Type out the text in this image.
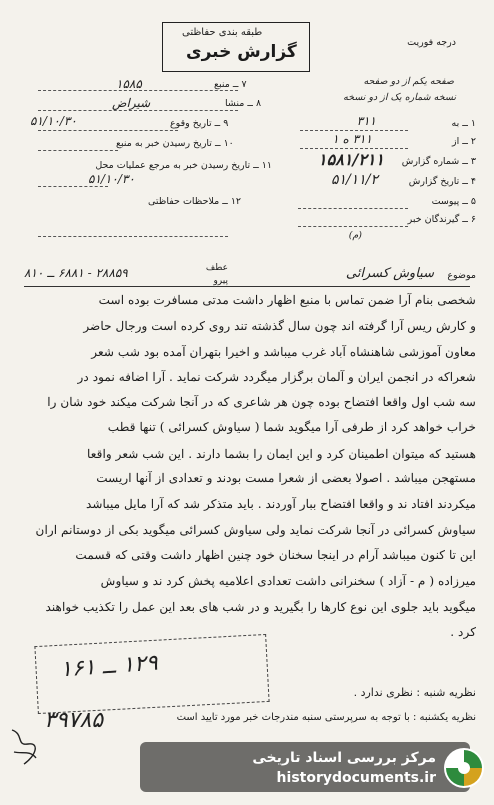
طبقه بندی حفاظتی
گزارش خبری	درجه فوریت
صفحه یکم از دو صفحه
نسخه شماره یک از دو نسخه
۷ ــ منبع
۱۵۸۵
۸ ــ منشا
شیراض
۹ ــ تاریخ وقوع
۵۱/۱۰/۳۰
۱۰ ــ تاریخ رسیدن خبر به منبع
۱۱ ــ تاریخ رسیدن خبر به مرجع عملیات محل
۵۱/۱۰/۳۰
۱۲ ــ ملاحظات حفاظتی
۱ ــ به
۳۱۱
۲ ــ از
۳۱۱ ه ۱
۳ ــ شماره گزارش
۱۵۸۱/۲۱۱
۴ ــ تاریخ گزارش
۵۱/۱۱/۲
۵ ــ پیوست
۶ ــ گیرندگان خبر
(م)
موضوع
سیاوش کسرائی
عطف پیرو
۲۸۸۵۹ - ۶۸۸۱ ــ ۸۱۰
شخصی بنام آرا ضمن تماس با منبع اظهار داشت مدتی مسافرت بوده است
و کارش ریس آرا گرفته اند چون سال گذشته تند روی کرده است ورجال حاضر
معاون آموزشی شاهنشاه آباد غرب میباشد و اخیرا بتهران آمده بود شب شعر
شعراکه در انجمن ایران و آلمان برگزار میگردد شرکت نماید . آرا اضافه نمود در
سه شب اول واقعا افتضاح بوده چون هر شاعری که در آنجا شرکت میکند خود شان را
خراب خواهد کرد از طرفی آرا میگوید شما ( سیاوش کسرائی ) تنها قطب
هستید که میتوان اطمینان کرد و این ایمان را بشما دارند . این شب شعر واقعا
مستهجن میباشد . اصولا بعضی از شعرا مست بودند و تعدادی از آنها اریست
میکردند افتاد ند و واقعا افتضاح ببار آوردند . باید متذکر شد که آرا مایل میباشد
سیاوش کسرائی در آنجا شرکت نماید ولی سیاوش کسرائی میگوید بکی از دوستانم اران
این تا کنون میباشد آرام در اینجا سخنان خود چنین اظهار داشت وقتی که قسمت
میرزاده ( م - آزاد ) سخنرانی داشت تعدادی اعلامیه پخش کرد ند و سیاوش
میگوید باید جلوی این نوع کارها را بگیرید و در شب های بعد این عمل را تکذیب خواهند
کرد .
۱۲۹ ــ ۱۶۱
نظریه شنبه : نظری ندارد .
نظریه یکشنبه : با توجه به سرپرستی سنبه مندرجات خبر مورد تایید است
۳۹۷۸۵
مرکز بررسی اسناد تاریخی
historydocuments.ir
